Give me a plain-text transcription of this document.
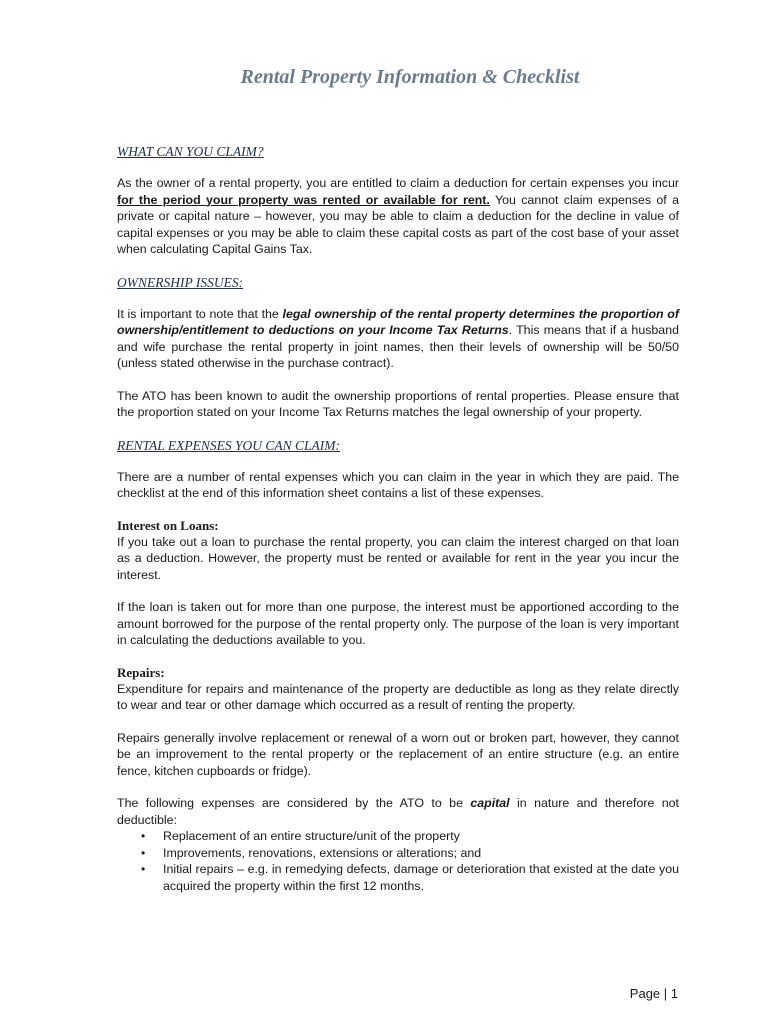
Rental Property Information & Checklist
WHAT CAN YOU CLAIM?

As the owner of a rental property, you are entitled to claim a deduction for certain expenses you incur for the period your property was rented or available for rent. You cannot claim expenses of a private or capital nature – however, you may be able to claim a deduction for the decline in value of capital expenses or you may be able to claim these capital costs as part of the cost base of your asset when calculating Capital Gains Tax.

OWNERSHIP ISSUES:

It is important to note that the legal ownership of the rental property determines the proportion of ownership/entitlement to deductions on your Income Tax Returns. This means that if a husband and wife purchase the rental property in joint names, then their levels of ownership will be 50/50 (unless stated otherwise in the purchase contract).

The ATO has been known to audit the ownership proportions of rental properties. Please ensure that the proportion stated on your Income Tax Returns matches the legal ownership of your property.

RENTAL EXPENSES YOU CAN CLAIM:

There are a number of rental expenses which you can claim in the year in which they are paid. The checklist at the end of this information sheet contains a list of these expenses.

Interest on Loans:

If you take out a loan to purchase the rental property, you can claim the interest charged on that loan as a deduction. However, the property must be rented or available for rent in the year you incur the interest.

If the loan is taken out for more than one purpose, the interest must be apportioned according to the amount borrowed for the purpose of the rental property only. The purpose of the loan is very important in calculating the deductions available to you.

Repairs:

Expenditure for repairs and maintenance of the property are deductible as long as they relate directly to wear and tear or other damage which occurred as a result of renting the property.

Repairs generally involve replacement or renewal of a worn out or broken part, however, they cannot be an improvement to the rental property or the replacement of an entire structure (e.g. an entire fence, kitchen cupboards or fridge).

The following expenses are considered by the ATO to be capital in nature and therefore not deductible:

• Replacement of an entire structure/unit of the property
• Improvements, renovations, extensions or alterations; and
• Initial repairs – e.g. in remedying defects, damage or deterioration that existed at the date you acquired the property within the first 12 months.
Page | 1
